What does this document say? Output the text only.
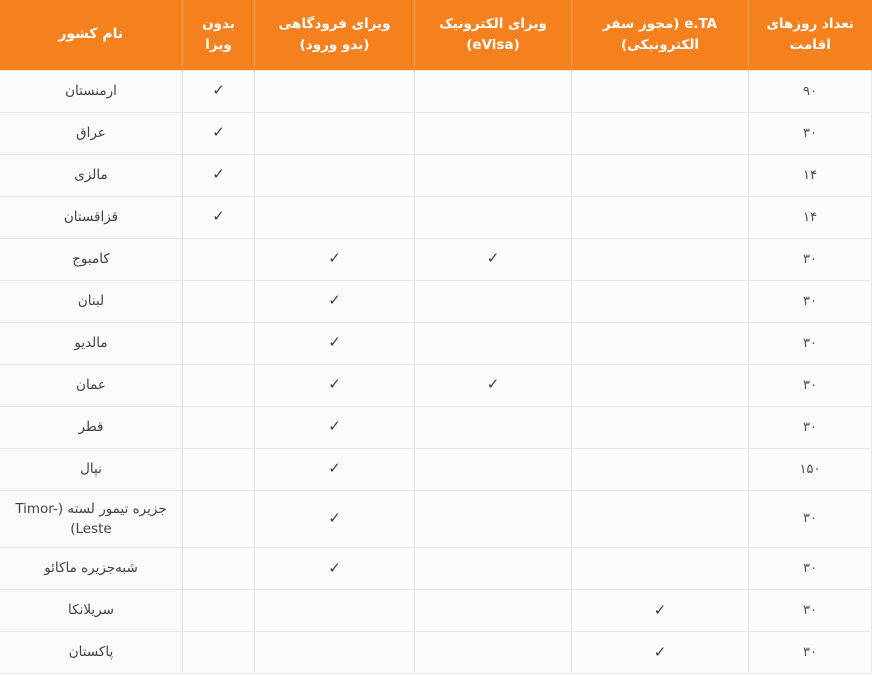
تعداد روزهای اقامت	e.TA (مجوز سفر الکترونیکی)	ویزای الکترونیک (eVisa)	ویزای فرودگاهی (بدو ورود)	بدون ویزا	نام کشور
۹۰				✓	ارمنستان
۳۰				✓	عراق
۱۴				✓	مالزی
۱۴				✓	قزاقستان
۳۰		✓	✓		کامبوج
۳۰			✓		لبنان
۳۰			✓		مالدیو
۳۰		✓	✓		عمان
۳۰			✓		قطر
۱۵۰			✓		نپال
۳۰			✓		جزیره تیمور لسته (Timor-Leste)
۳۰			✓		شبه‌جزیره ماکائو
۳۰	✓				سریلانکا
۳۰	✓				پاکستان
